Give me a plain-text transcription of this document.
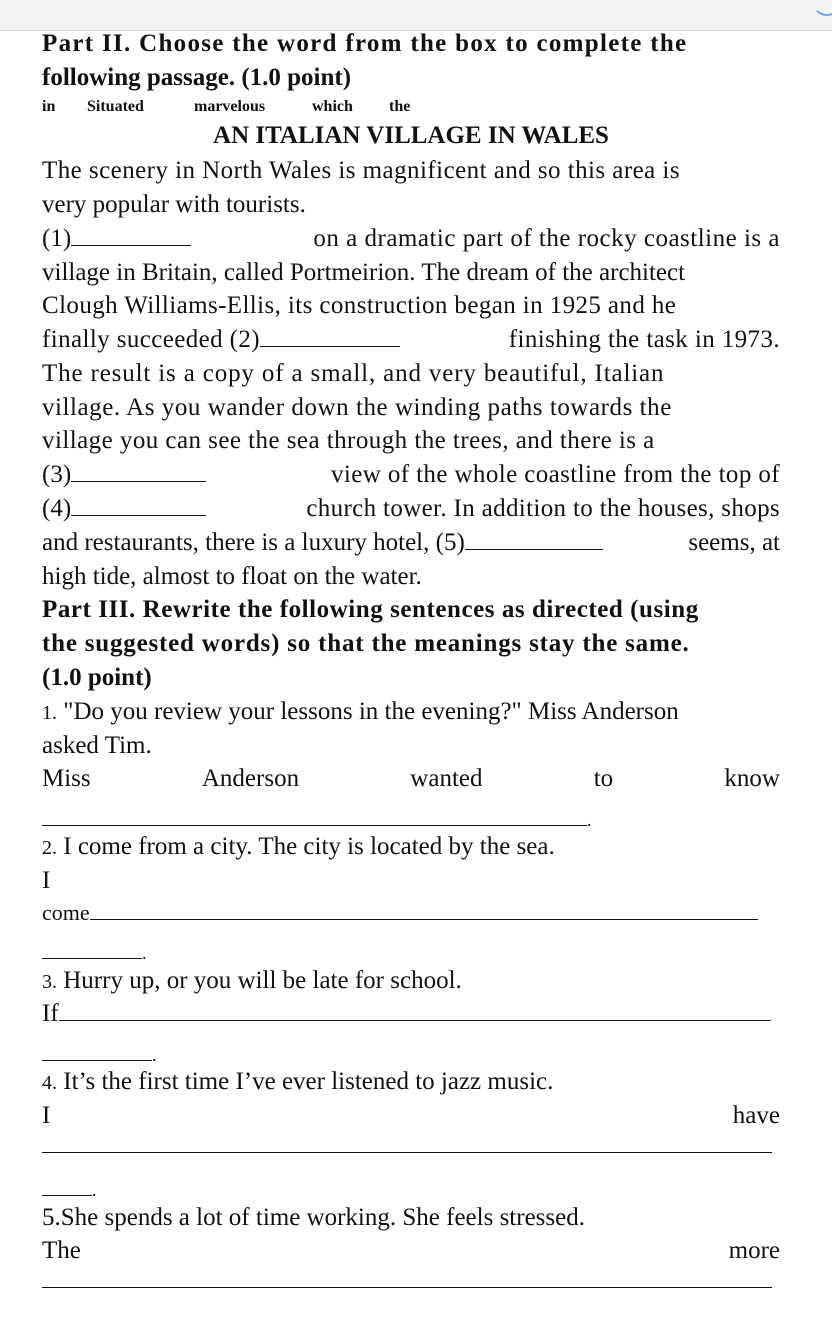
Part II. Choose the word from the box to complete the
following passage. (1.0 point)
in Situated	marvelous	which the
AN ITALIAN VILLAGE IN WALES
The scenery in North Wales is magnificent and so this area is
very popular with tourists.
(1)	on a dramatic part of the rocky coastline is a
village in Britain, called Portmeirion. The dream of the architect
Clough Williams-Ellis, its construction began in 1925 and he
finally succeeded (2)	finishing the task in 1973.
The result is a copy of a small, and very beautiful, Italian
village. As you wander down the winding paths towards the
village you can see the sea through the trees, and there is a
(3)	view of the whole coastline from the top of
(4)	church tower. In addition to the houses, shops
and restaurants, there is a luxury hotel, (5)	seems, at
high tide, almost to float on the water.
Part III. Rewrite the following sentences as directed (using
the suggested words) so that the meanings stay the same.
(1.0 point)
1. "Do you review your lessons in the evening?" Miss Anderson
asked Tim.
Miss	Anderson	wanted	to	know
.
2. I come from a city. The city is located by the sea.
I
come
.
3. Hurry up, or you will be late for school.
If
.
4. It’s the first time I’ve ever listened to jazz music.
I	have
.
5.She spends a lot of time working. She feels stressed.
The	more
